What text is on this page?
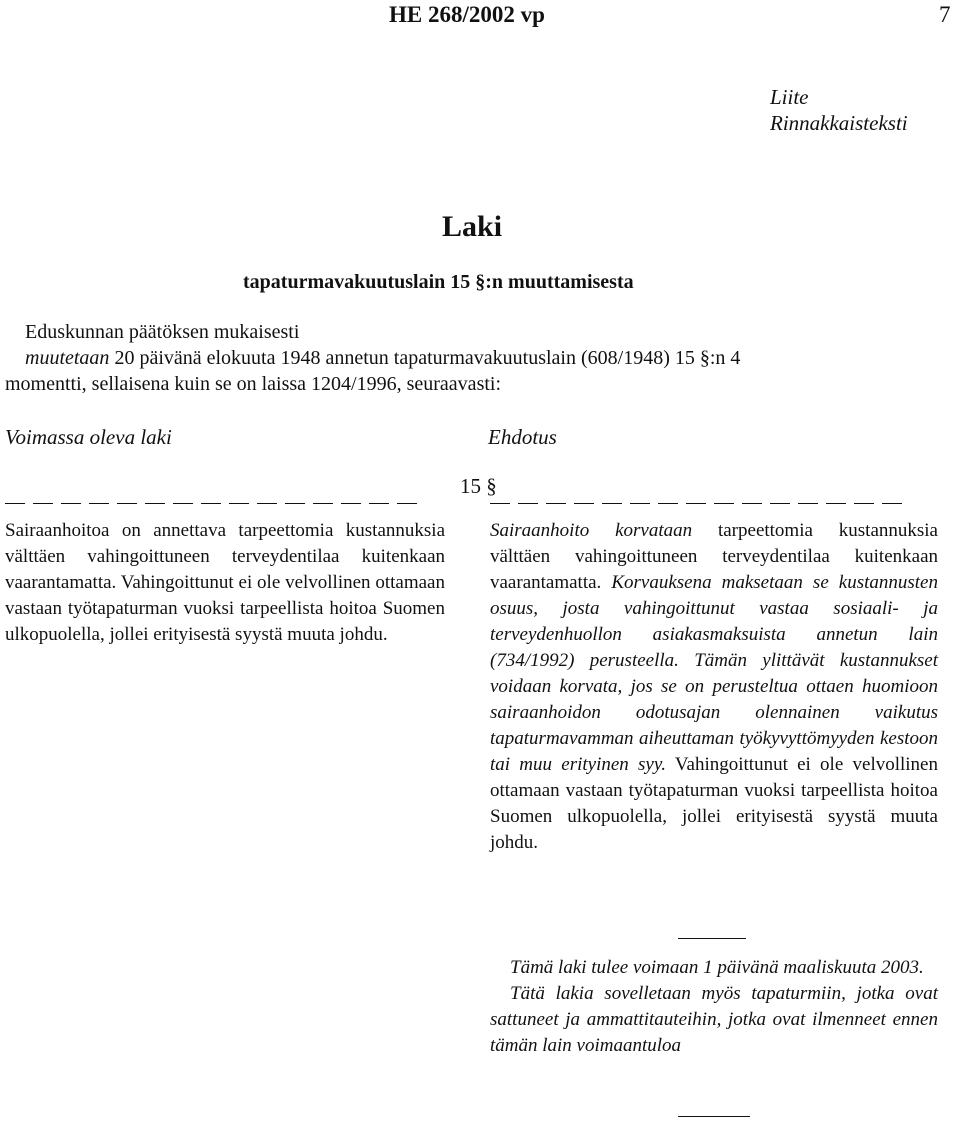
HE 268/2002 vp	7
Liite
Rinnakkaisteksti
Laki
tapaturmavakuutuslain 15 §:n muuttamisesta
Eduskunnan päätöksen mukaisesti
muutetaan 20 päivänä elokuuta 1948 annetun tapaturmavakuutuslain (608/1948) 15 §:n 4
momentti, sellaisena kuin se on laissa 1204/1996, seuraavasti:
Voimassa oleva laki	Ehdotus
15 §
Sairaanhoitoa on annettava tarpeettomia kustannuksia välttäen vahingoittuneen terveydentilaa kuitenkaan vaarantamatta. Vahingoittunut ei ole velvollinen ottamaan vastaan työtapaturman vuoksi tarpeellista hoitoa Suomen ulkopuolella, jollei erityisestä syystä muuta johdu.
Sairaanhoito korvataan tarpeettomia kustannuksia välttäen vahingoittuneen terveydentilaa kuitenkaan vaarantamatta. Korvauksena maksetaan se kustannusten osuus, josta vahingoittunut vastaa sosiaali- ja terveydenhuollon asiakasmaksuista annetun lain (734/1992) perusteella. Tämän ylittävät kustannukset voidaan korvata, jos se on perusteltua ottaen huomioon sairaanhoidon odotusajan olennainen vaikutus tapaturmavamman aiheuttaman työkyvyttömyyden kestoon tai muu erityinen syy. Vahingoittunut ei ole velvollinen ottamaan vastaan työtapaturman vuoksi tarpeellista hoitoa Suomen ulkopuolella, jollei erityisestä syystä muuta johdu.

Tämä laki tulee voimaan 1 päivänä maaliskuuta 2003.

Tätä lakia sovelletaan myös tapaturmiin, jotka ovat sattuneet ja ammattitauteihin, jotka ovat ilmenneet ennen tämän lain voimaantuloa
